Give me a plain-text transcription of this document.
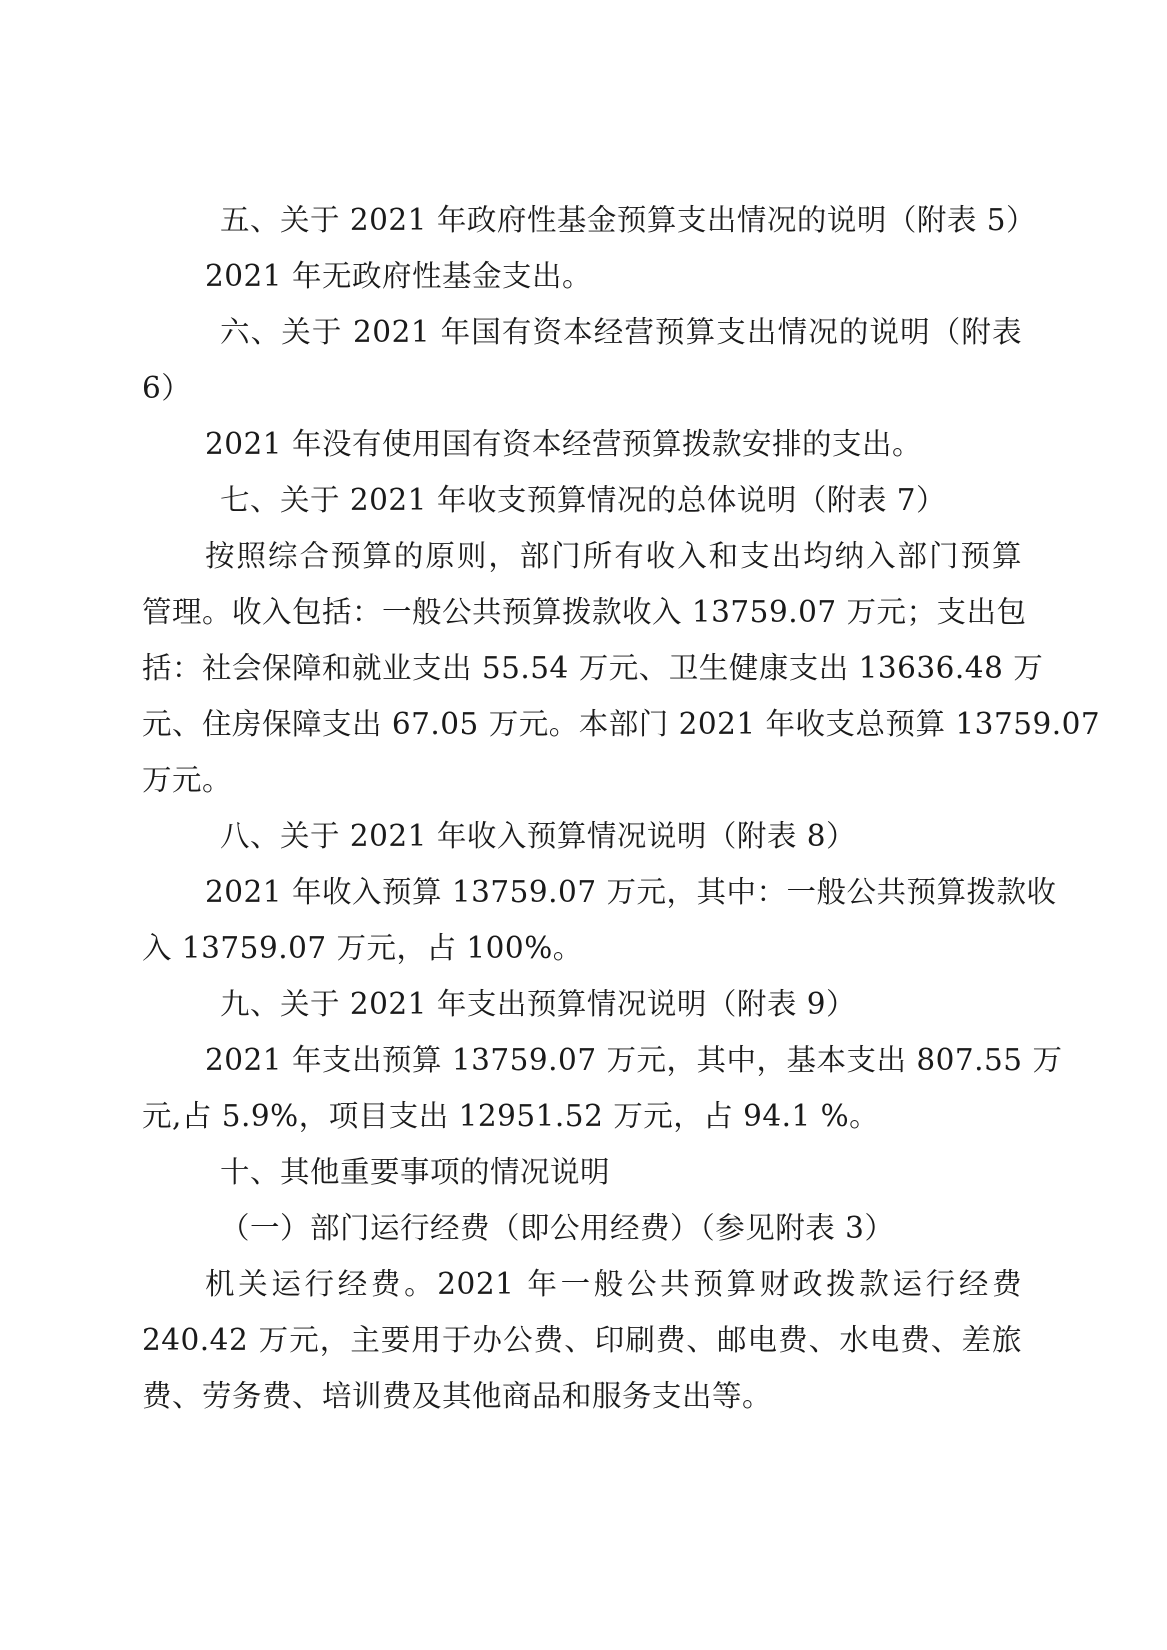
五、关于 2021 年政府性基金预算支出情况的说明（附表 5）
2021 年无政府性基金支出。
六、关于 2021 年国有资本经营预算支出情况的说明（附表
6）
2021 年没有使用国有资本经营预算拨款安排的支出。
七、关于 2021 年收支预算情况的总体说明（附表 7）
按照综合预算的原则，部门所有收入和支出均纳入部门预算
管理。收入包括：一般公共预算拨款收入 13759.07 万元；支出包
括：社会保障和就业支出 55.54 万元、卫生健康支出 13636.48 万
元、住房保障支出 67.05 万元。本部门 2021 年收支总预算 13759.07
万元。
八、关于 2021 年收入预算情况说明（附表 8）
2021 年收入预算 13759.07 万元，其中：一般公共预算拨款收
入 13759.07 万元，占 100%。
九、关于 2021 年支出预算情况说明（附表 9）
2021 年支出预算 13759.07 万元，其中，基本支出 807.55 万
元,占 5.9%，项目支出 12951.52 万元，占 94.1 %。
十、其他重要事项的情况说明
（一）部门运行经费（即公用经费）（参见附表 3）
机关运行经费。2021 年一般公共预算财政拨款运行经费
240.42 万元，主要用于办公费、印刷费、邮电费、水电费、差旅
费、劳务费、培训费及其他商品和服务支出等。
